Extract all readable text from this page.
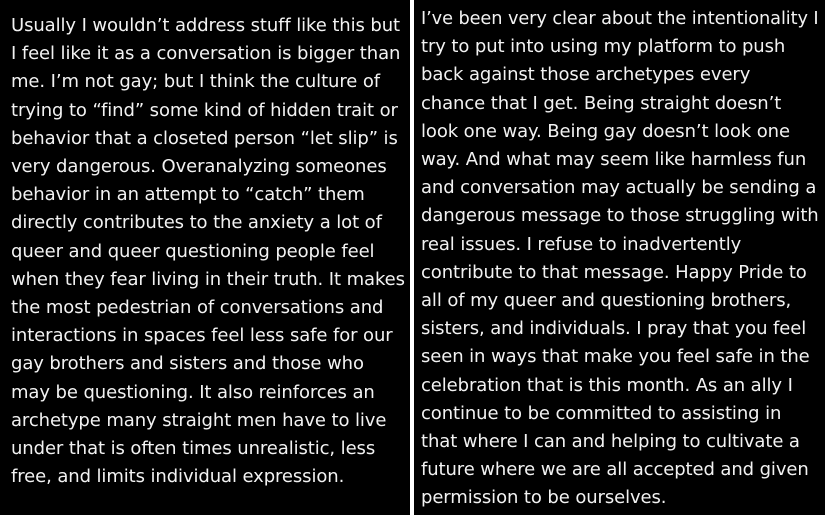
Usually I wouldn’t address stuff like this but
I feel like it as a conversation is bigger than
me. I’m not gay; but I think the culture of
trying to “find” some kind of hidden trait or
behavior that a closeted person “let slip” is
very dangerous. Overanalyzing someones
behavior in an attempt to “catch” them
directly contributes to the anxiety a lot of
queer and queer questioning people feel
when they fear living in their truth. It makes
the most pedestrian of conversations and
interactions in spaces feel less safe for our
gay brothers and sisters and those who
may be questioning. It also reinforces an
archetype many straight men have to live
under that is often times unrealistic, less
free, and limits individual expression.
I’ve been very clear about the intentionality I
try to put into using my platform to push
back against those archetypes every
chance that I get. Being straight doesn’t
look one way. Being gay doesn’t look one
way. And what may seem like harmless fun
and conversation may actually be sending a
dangerous message to those struggling with
real issues. I refuse to inadvertently
contribute to that message. Happy Pride to
all of my queer and questioning brothers,
sisters, and individuals. I pray that you feel
seen in ways that make you feel safe in the
celebration that is this month. As an ally I
continue to be committed to assisting in
that where I can and helping to cultivate a
future where we are all accepted and given
permission to be ourselves.
